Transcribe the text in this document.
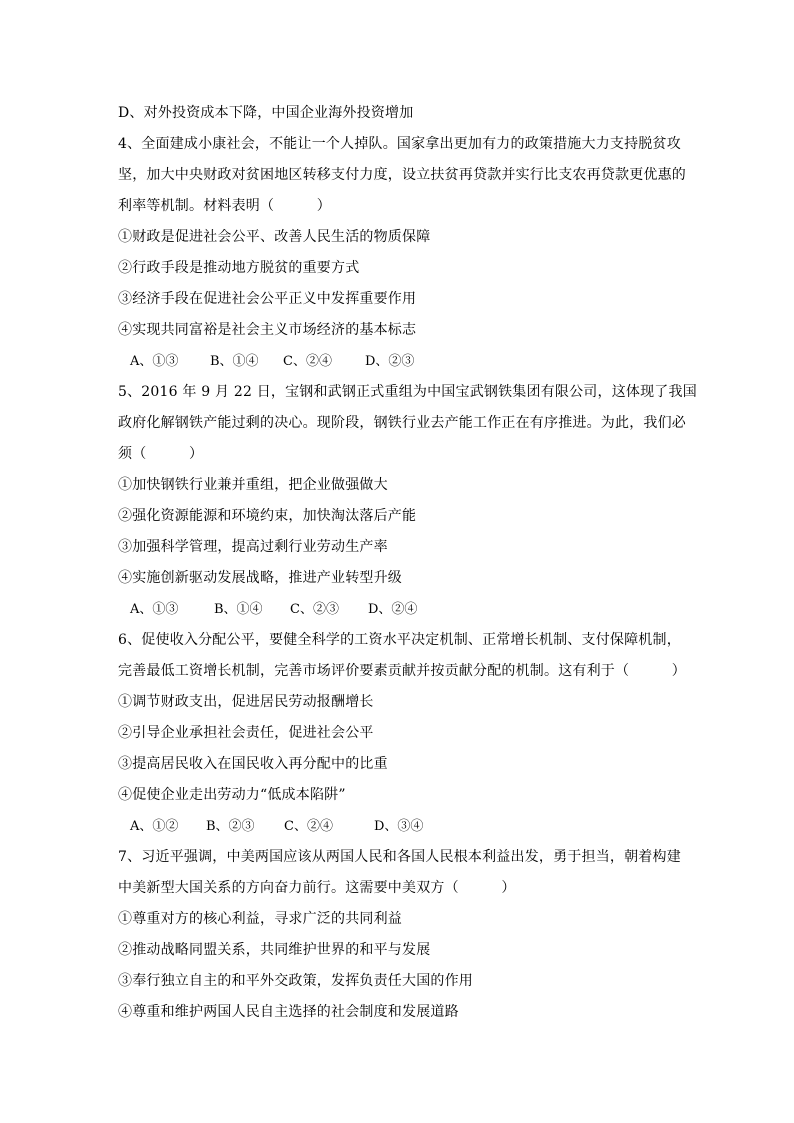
D、对外投资成本下降，中国企业海外投资增加
4、全面建成小康社会，不能让一个人掉队。国家拿出更加有力的政策措施大力支持脱贫攻
坚，加大中央财政对贫困地区转移支付力度，设立扶贫再贷款并实行比支农再贷款更优惠的
利率等机制。材料表明（　　　）
①财政是促进社会公平、改善人民生活的物质保障
②行政手段是推动地方脱贫的重要方式
③经济手段在促进社会公平正义中发挥重要作用
④实现共同富裕是社会主义市场经济的基本标志
A、①③	B、①④	C、②④	D、②③
5、2016 年 9 月 22 日，宝钢和武钢正式重组为中国宝武钢铁集团有限公司，这体现了我国
政府化解钢铁产能过剩的决心。现阶段，钢铁行业去产能工作正在有序推进。为此，我们必
须（　　　）
①加快钢铁行业兼并重组，把企业做强做大
②强化资源能源和环境约束，加快淘汰落后产能
③加强科学管理，提高过剩行业劳动生产率
④实施创新驱动发展战略，推进产业转型升级
A、①③	B、①④	C、②③	D、②④
6、促使收入分配公平，要健全科学的工资水平决定机制、正常增长机制、支付保障机制，
完善最低工资增长机制，完善市场评价要素贡献并按贡献分配的机制。这有利于（　　　）
①调节财政支出，促进居民劳动报酬增长
②引导企业承担社会责任，促进社会公平
③提高居民收入在国民收入再分配中的比重
④促使企业走出劳动力“低成本陷阱”
A、①②	B、②③	C、②④	D、③④
7、习近平强调，中美两国应该从两国人民和各国人民根本利益出发，勇于担当，朝着构建
中美新型大国关系的方向奋力前行。这需要中美双方（　　　）
①尊重对方的核心利益，寻求广泛的共同利益
②推动战略同盟关系，共同维护世界的和平与发展
③奉行独立自主的和平外交政策，发挥负责任大国的作用
④尊重和维护两国人民自主选择的社会制度和发展道路
